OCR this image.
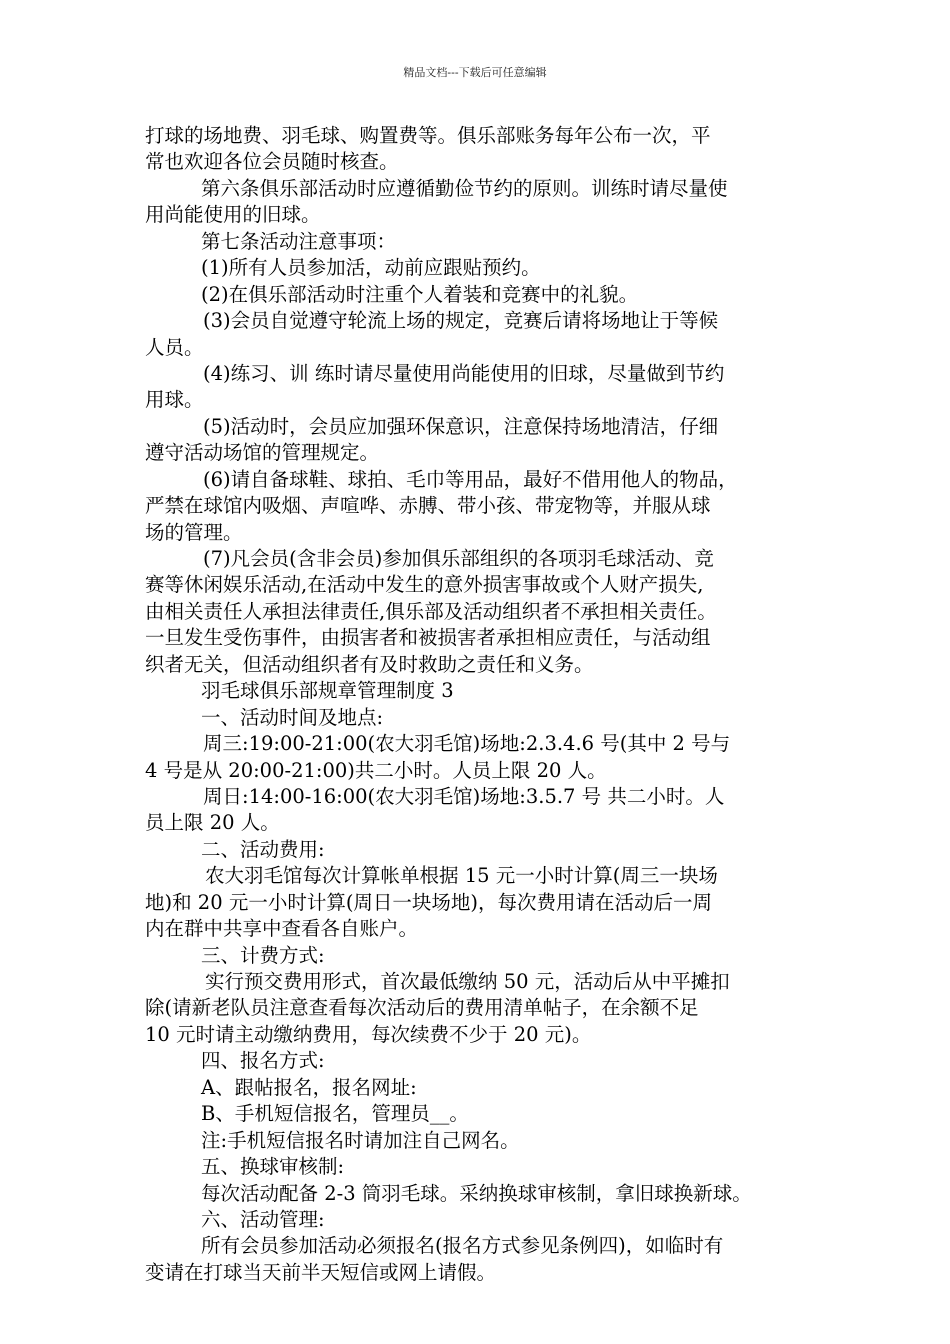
精品文档---下载后可任意编辑
打球的场地费、羽毛球、购置费等。俱乐部账务每年公布一次，平
常也欢迎各位会员随时核查。
第六条俱乐部活动时应遵循勤俭节约的原则。训练时请尽量使
用尚能使用的旧球。
第七条活动注意事项：
(1)所有人员参加活，动前应跟贴预约。
(2)在俱乐部活动时注重个人着装和竞赛中的礼貌。
(3)会员自觉遵守轮流上场的规定，竞赛后请将场地让于等候
人员。
(4)练习、训 练时请尽量使用尚能使用的旧球，尽量做到节约
用球。
(5)活动时，会员应加强环保意识，注意保持场地清洁，仔细
遵守活动场馆的管理规定。
(6)请自备球鞋、球拍、毛巾等用品，最好不借用他人的物品，
严禁在球馆内吸烟、声喧哗、赤膊、带小孩、带宠物等，并服从球
场的管理。
(7)凡会员(含非会员)参加俱乐部组织的各项羽毛球活动、竞
赛等休闲娱乐活动,在活动中发生的意外损害事故或个人财产损失,
由相关责任人承担法律责任,俱乐部及活动组织者不承担相关责任。
一旦发生受伤事件，由损害者和被损害者承担相应责任，与活动组
织者无关，但活动组织者有及时救助之责任和义务。
羽毛球俱乐部规章管理制度 3
一、活动时间及地点:
周三:19:00-21:00(农大羽毛馆)场地:2.3.4.6 号(其中 2 号与
4 号是从 20:00-21:00)共二小时。人员上限 20 人。
周日:14:00-16:00(农大羽毛馆)场地:3.5.7 号 共二小时。人
员上限 20 人。
二、活动费用:
农大羽毛馆每次计算帐单根据 15 元一小时计算(周三一块场
地)和 20 元一小时计算(周日一块场地)，每次费用请在活动后一周
内在群中共享中查看各自账户。
三、计费方式:
实行预交费用形式，首次最低缴纳 50 元，活动后从中平摊扣
除(请新老队员注意查看每次活动后的费用清单帖子，在余额不足
10 元时请主动缴纳费用，每次续费不少于 20 元)。
四、报名方式:
A、跟帖报名，报名网址:
B、手机短信报名，管理员__。
注:手机短信报名时请加注自己网名。
五、换球审核制:
每次活动配备 2-3 筒羽毛球。采纳换球审核制，拿旧球换新球。
六、活动管理:
所有会员参加活动必须报名(报名方式参见条例四)，如临时有
变请在打球当天前半天短信或网上请假。
